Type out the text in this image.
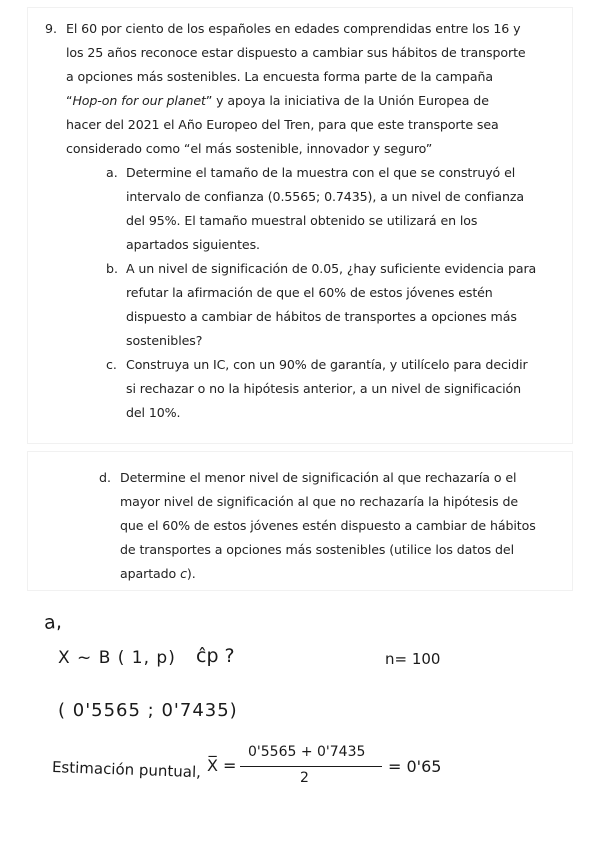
9. El 60 por ciento de los españoles en edades comprendidas entre los 16 y
los 25 años reconoce estar dispuesto a cambiar sus hábitos de transporte
a opciones más sostenibles. La encuesta forma parte de la campaña
“Hop-on for our planet” y apoya la iniciativa de la Unión Europea de
hacer del 2021 el Año Europeo del Tren, para que este transporte sea
considerado como “el más sostenible, innovador y seguro”
a. Determine el tamaño de la muestra con el que se construyó el
intervalo de confianza (0.5565; 0.7435), a un nivel de confianza
del 95%. El tamaño muestral obtenido se utilizará en los
apartados siguientes.
b. A un nivel de significación de 0.05, ¿hay suficiente evidencia para
refutar la afirmación de que el 60% de estos jóvenes estén
dispuesto a cambiar de hábitos de transportes a opciones más
sostenibles?
c. Construya un IC, con un 90% de garantía, y utilícelo para decidir
si rechazar o no la hipótesis anterior, a un nivel de significación
del 10%.
d. Determine el menor nivel de significación al que rechazaría o el
mayor nivel de significación al que no rechazaría la hipótesis de
que el 60% de estos jóvenes estén dispuesto a cambiar de hábitos
de transportes a opciones más sostenibles (utilice los datos del
apartado c).
a,
X ~ B ( 1, p) ĉp ?	n= 100
( 0'5565 ; 0'7435)
Estimación puntual, X̅ =
0'5565 + 0'7435
2
= 0'65
